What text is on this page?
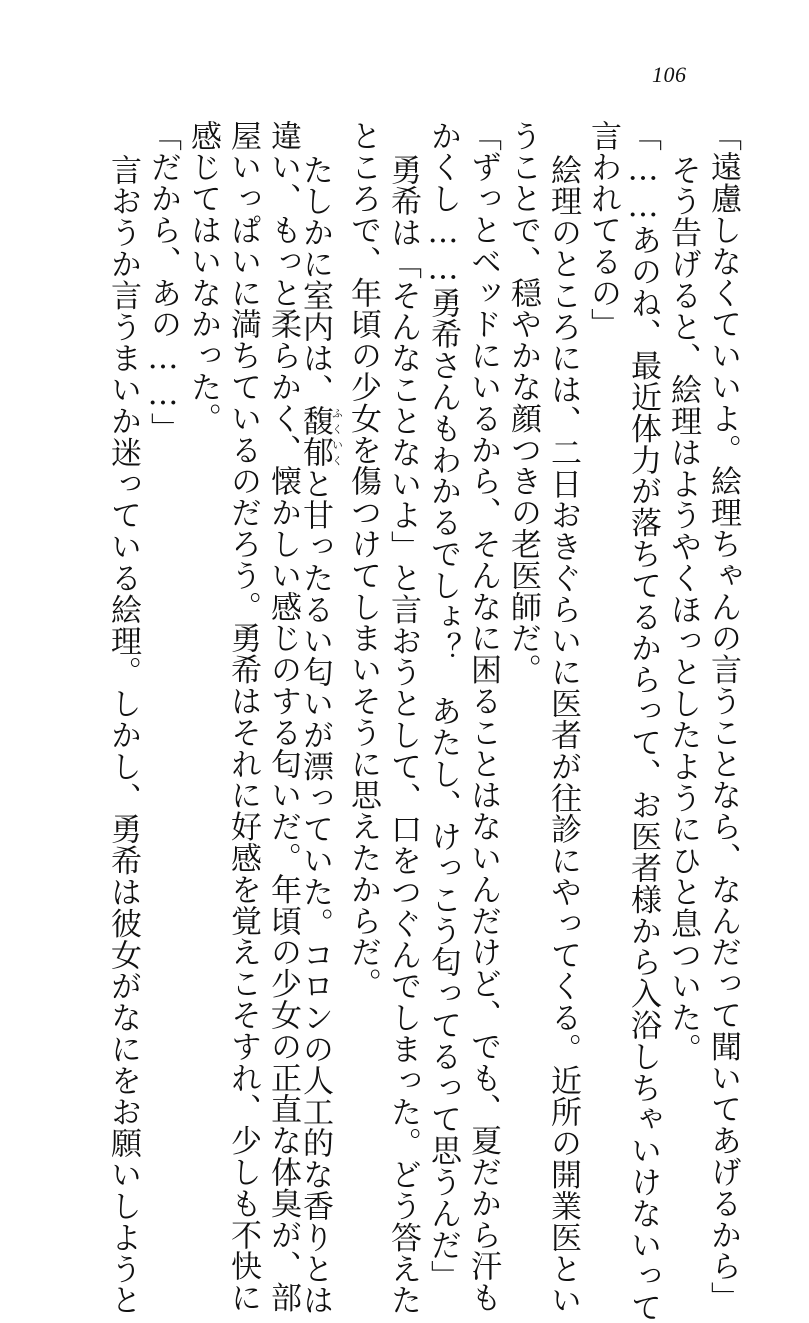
106
「遠慮しなくていいよ。絵理ちゃんの言うことなら、なんだって聞いてあげるから」
そう告げると、絵理はようやくほっとしたようにひと息ついた。
「……あのね、最近体力が落ちてるからって、お医者様から入浴しちゃいけないって
言われてるの」
絵理のところには、二日おきぐらいに医者が往診にやってくる。近所の開業医とい
うことで、穏やかな顔つきの老医師だ。
「ずっとベッドにいるから、そんなに困ることはないんだけど、でも、夏だから汗も
かくし……勇希さんもわかるでしょ？　あたし、けっこう匂ってるって思うんだ」
勇希は「そんなことないよ」と言おうとして、口をつぐんでしまった。どう答えた
ところで、年頃の少女を傷つけてしまいそうに思えたからだ。
たしかに室内は、馥郁ふくいくと甘ったるい匂いが漂っていた。コロンの人工的な香りとは
違い、もっと柔らかく、懐かしい感じのする匂いだ。年頃の少女の正直な体臭が、部
屋いっぱいに満ちているのだろう。勇希はそれに好感を覚えこそすれ、少しも不快に
感じてはいなかった。
「だから、あの……」
言おうか言うまいか迷っている絵理。しかし、勇希は彼女がなにをお願いしようと
